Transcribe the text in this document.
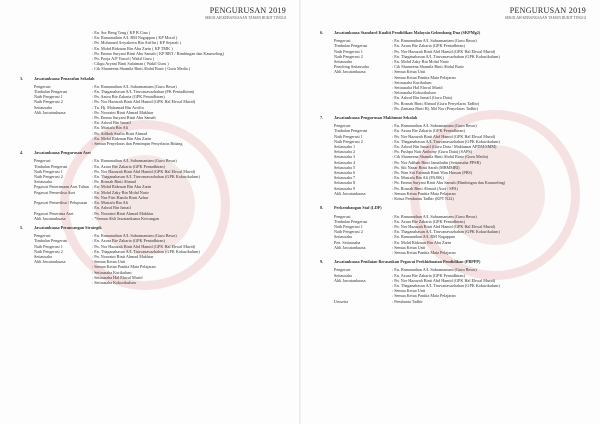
PENGURUSAN 2019
SEKOLAH KEBANGSAAN TAMAN BUKIT TINGGI
: En. Sor Beng Tong ( KP B.Cina )
: En. Ramanathan A/L RM Nagappan ( KP Moral )
: Pn. Mohamed Ariyakerin Bin Ariffin ( KP Sejarah )
: En. Mohd Ridzuan Bin Abu Zarin ( KP TMK )
: Pn. Emma Suryani Binti Abu Samah ( KP RBT / Bimbingan dan Kaunseling)
: Pn. Pooja A/P Yasod ( Wakil Guru )
: Cikgu Aryani Binti Sulaiman ( Wakil Guru )
: Cik Shameena Shamila Binti Abdul Basir ( Guru Media )
3.	Jawatankuasa Penarafan Sekolah
Pengerusi	: En. Ramanathan A/L Subramaniam (Guru Besar)
Timbalan Pengerusi	: En. Thaganahasan A/L Tiruvanavazhahan (PK Pentadbiran)
Naib Pengerusi 1	: Pn. Azura Bte Zakaria (GPK Pentadbiran)
Naib Pengerusi 2	: Pn. Nor Hazazah Binti Abd Hamid (GPK Hal Ehwal Murid)
Setiausaha	: Tn. Hj. Mohamad Bin Arrifin
Ahli Jawatankuasa	: Pn. Nooraini Binti Ahmad Makhtar
: Pn. Emma Suryani Binti Abu Samah
: En. Ashraf Bin Ismail
: En. Mustafa Bin Ali
: Pn. Adibah Azalia Binti Ahmad
: En. Mohd Ridzuan Bin Abu Zarin
: Semua Penyelaras dan Pemimpin Penyelaras Bidang
4.	Jawatankuasa Pengurusan Aset
Pengerusi	: En. Ramanathan A/L Subramaniam (Guru Besar)
Timbalan Pengerusi	: En. Azura Bte Zakaria (GPK Pentadbiran)
Naib Pengerusi 1	: Pn. Nor Hazazah Binti Abd Hamid (GPK Hal Ehwal Murid)
Naib Pengerusi 2	: En. Thaganahasan A/L Tiruvanavazhahan (GPK Kokurikulum)
Setiausaha	: Pn. Rosnah Binti Ahmad
Pegawai Penerimaan Aset Tahun : En. Mohd Ridzuan Bin Abu Zarin
Pegawai Pemeriksa Aset	: En. Mohd Zaky Bin Mohd Nasir
: Pn. Nur Fitri Hanila Binti Azhar
Pegawai Pemeriksa / Pelupusan	: En. Mustafa Bin Ali
: En. Ashraf Bin Ismail
Pegawai Penerima Aset	: Pn. Nooraini Binti Ahmad Makhtar
Ahli Jawatankuasa	: *Semua Ahli Jawatankuasa Kewangan
5.	Jawatankuasa Perancangan Strategik
Pengerusi	: En. Ramanathan A/L Subramaniam (Guru Besar)
Timbalan Pengerusi	: En. Azura Bte Zakaria (GPK Pentadbiran)
Naib Pengerusi 1	: Pn. Nor Hazazah Binti Abd Hamid (GPK Hal Ehwal Murid)
Naib Pengerusi 2	: En. Thaganahasan A/L Tiruvanavazhahan (GPK Kokurikulum)
Setiausaha	: Pn. Nooraini Binti Ahmad Makhtar
Ahli Jawatankuasa	: Semua Ketua Unit
: Semua Ketua Panitia Mata Pelajaran
: Setiausaha Kurikulum
: Setiausaha Hal Ehwal Murid
: Setiausaha Kokurikulum
PENGURUSAN 2019
SEKOLAH KEBANGSAAN TAMAN BUKIT TINGGI
6.	Jawatankuasa Standard Kualiti Pendidikan Malaysia Gelombang Dua (SKPMg2)
Pengerusi	: En. Ramanathan A/L Subramaniam (Guru Besar)
Timbalan Pengerusi	: En. Azura Bte Zakaria (GPK Pentadbiran)
Naib Pengerusi 1	: Pn. Nor Hazazah Binti Abd Hamid (GPK Hal Ehwal Murid)
Naib Pengerusi 2	: En. Thaganahasan A/L Tiruvanavazhahan (GPK Kokurikulum)
Setiausaha	: En. Mohd Zaky Bin Mohd Nasir
Penolong Setiausaha	: Cik Shameena Shamila Binti Abdul Basir
Ahli Jawatankuasa	: Semua Ketua Unit
: Semua Ketua Panitia Mata Pelajaran
: Setiausaha Kurikulum
: Setiausaha Hal Ehwal Murid
: Setiausaha Kokurikulum
: En. Ashraf Bin Ismail (Guru Data)
: Pn. Rosnah Binti Ahmad (Guru Penyelaras Tadbir)
: Pn. Zaniana Binti Hj. Md Nor (Penyelaras Tadbir)
7.	Jawatankuasa Pengurusan Maklumat Sekolah
Pengerusi	: En. Ramanathan A/L Subramaniam (Guru Besar)
Timbalan Pengerusi	: En. Azura Bte Zakaria (GPK Pentadbiran)
Naib Pengerusi 1	: Pn. Nor Hazazah Binti Abd Hamid (GPK Hal Ehwal Murid)
Naib Pengerusi 2	: En. Thaganahasan A/L Tiruvanavazhahan (GPK Kokurikulum)
Setiausaha 1	: En. Ashraf Bin Ismail (Guru Data / Maklumat APDM/SMM)
Setiausaha 2	: Pn. Pushpa Nair Anthony (Guru Data) (SAPS)
Setiausaha 3	: Cik Shameena Shamila Binti Abdul Basir (Guru Media)
Setiausaha 4	: Pn. Nor Adibah Binti Jamaludin (Setiausaha PPSR)
Setiausaha 5	: Pn. Siti Nazar Binti Sarah (MBMMBI)
Setiausaha 6	: Pn. Wan Siti Fatimah Binti Wan Hassan (PBS)
Setiausaha 7	: En. Mustafa Bin Ali (PAJSK)
Setiausaha 8	: Pn. Emma Suryani Binti Abu Samah (Bimbingan dan Kaunseling)
Setiausaha 9	: Pn. Rosnah Binti Ahmad (Aset / SPA)
Ahli Jawatankuasa	: Semua Ketua Panitia Mata Pelajaran
: Ketua Pembantu Tadbir (KPT N22)
8.	Perkembangan Staf (LDP)
Pengerusi	: En. Ramanathan A/L Subramaniam (Guru Besar)
Timbalan Pengerusi	: En. Azura Bte Zakaria (GPK Pentadbiran)
Naib Pengerusi 1	: Pn. Nor Hazazah Binti Abd Hamid (GPK Hal Ehwal Murid)
Naib Pengerusi 2	: En. Thaganahasan A/L Tiruvanavazhahan (GPK Kokurikulum)
Setiausaha	: En. Ramanathan A/L RM Nagappan
Pen. Setiausaha	: En. Mohd Ridzuan Bin Abu Zarin
Ahli Jawatankuasa	: Semua Ketua Unit
: Semua Ketua Panitia Mata Pelajaran
9.	Jawatankuasa Penilaian Berasaskan Pegawai Perkhidmatan Pendidikan (PBPPP)
Pengerusi	: En. Ramanathan A/L Subramaniam (Guru Besar)
Setiausaha	: En. Azura Bte Zakaria (GPK Pentadbiran)
Ahli Jawatankuasa	: Pn. Nor Hazazah Binti Abd Hamid (GPK Hal Ehwal Murid)
: En. Thaganahasan A/L Tiruvanavazhahan (GPK Kokurikulum)
: Semua Ketua Unit
: Semua Ketua Panitia Mata Pelajaran
Urusetia	: Pembantu Tadbir
